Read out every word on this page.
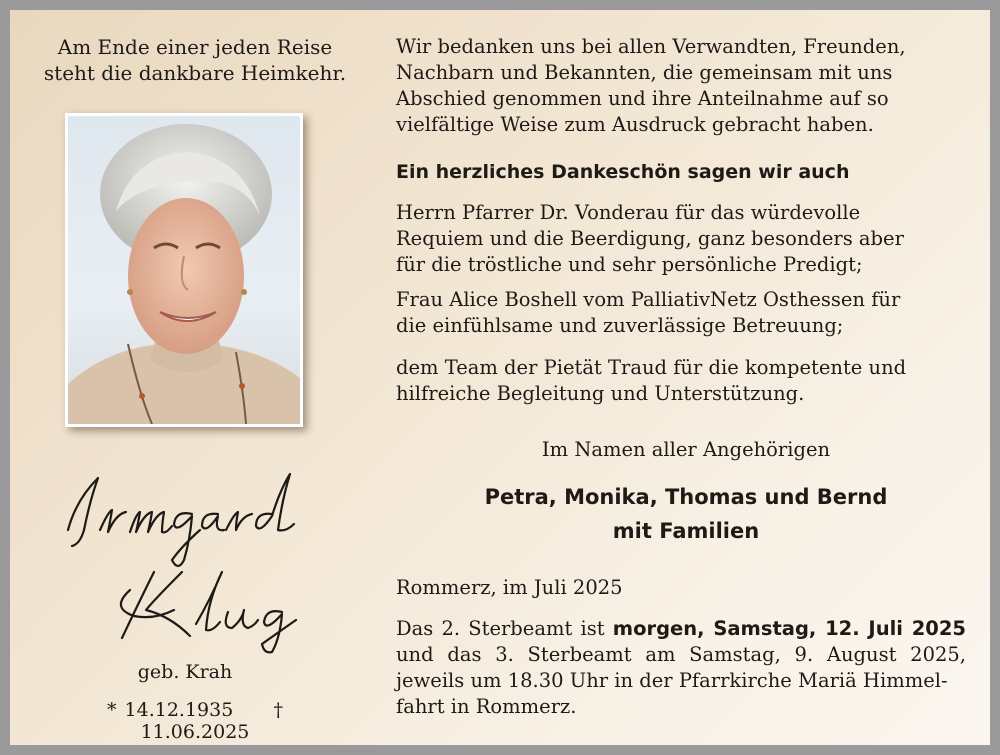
Am Ende einer jeden Reise
steht die dankbare Heimkehr.
geb. Krah
* 14.12.1935 † 11.06.2025
Wir bedanken uns bei allen Verwandten, Freunden,
Nachbarn und Bekannten, die gemeinsam mit uns
Abschied genommen und ihre Anteilnahme auf so
vielfältige Weise zum Ausdruck gebracht haben.
Ein herzliches Dankeschön sagen wir auch
Herrn Pfarrer Dr. Vonderau für das würdevolle
Requiem und die Beerdigung, ganz besonders aber
für die tröstliche und sehr persönliche Predigt;
Frau Alice Boshell vom PalliativNetz Osthessen für
die einfühlsame und zuverlässige Betreuung;
dem Team der Pietät Traud für die kompetente und
hilfreiche Begleitung und Unterstützung.
Im Namen aller Angehörigen
Petra, Monika, Thomas und Bernd
mit Familien
Rommerz, im Juli 2025
Das 2. Sterbeamt ist morgen, Samstag, 12. Juli 2025 und das 3. Sterbeamt am Samstag, 9. August 2025, jeweils um 18.30 Uhr in der Pfarrkirche Mariä Himmel-
fahrt in Rommerz.
